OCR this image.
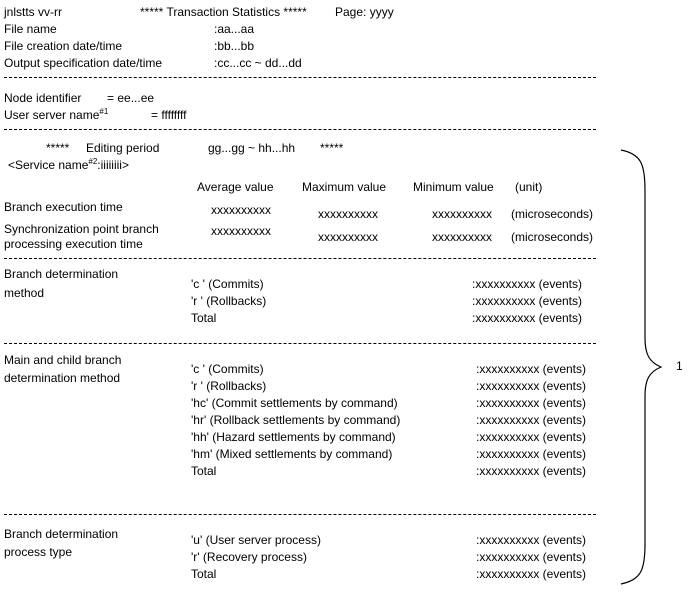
jnlstts vv-rr	***** Transaction Statistics ***** Page: yyyy
File name	:aa...aa
File creation date/time	:bb...bb
Output specification date/time	:cc...cc ~ dd...dd
Node identifier = ee...ee
User server name$^{\#1}$	= ffffffff
***** Editing period	gg...gg ~ hh...hh *****
<Service name$^{\#2}$:iiiiiiii>
Average value Maximum value Minimum value (unit)
Branch execution time	xxxxxxxxxx	xxxxxxxxxx	xxxxxxxxxx (microseconds)
Synchronization point branch
processing execution time
xxxxxxxxxx	xxxxxxxxxx	xxxxxxxxxx (microseconds)
Branch determination
method
'c ' (Commits)	:xxxxxxxxxx (events)
'r ' (Rollbacks)	:xxxxxxxxxx (events)
Total	:xxxxxxxxxx (events)
Main and child branch
determination method
'c ' (Commits)	:xxxxxxxxxx (events)
'r ' (Rollbacks)	:xxxxxxxxxx (events)
'hc' (Commit settlements by command)	:xxxxxxxxxx (events)
'hr' (Rollback settlements by command)	:xxxxxxxxxx (events)
'hh' (Hazard settlements by command)	:xxxxxxxxxx (events)
'hm' (Mixed settlements by command)	:xxxxxxxxxx (events)
Total	:xxxxxxxxxx (events)
Branch determination
process type
'u' (User server process)	:xxxxxxxxxx (events)
'r' (Recovery process)	:xxxxxxxxxx (events)
Total	:xxxxxxxxxx (events)
1
